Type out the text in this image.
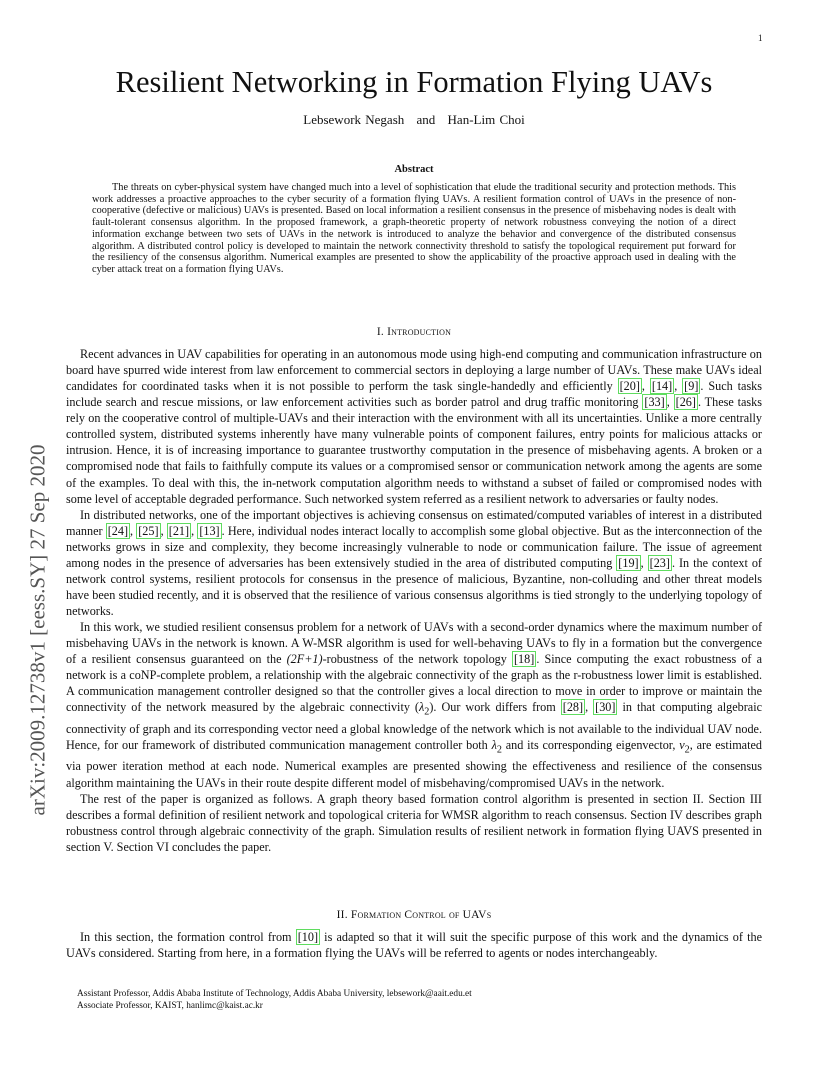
1
arXiv:2009.12738v1 [eess.SY] 27 Sep 2020
Resilient Networking in Formation Flying UAVs
Lebsework Negash and Han-Lim Choi
Abstract

The threats on cyber-physical system have changed much into a level of sophistication that elude the traditional security and protection methods. This work addresses a proactive approaches to the cyber security of a formation flying UAVs. A resilient formation control of UAVs in the presence of non-cooperative (defective or malicious) UAVs is presented. Based on local information a resilient consensus in the presence of misbehaving nodes is dealt with fault-tolerant consensus algorithm. In the proposed framework, a graph-theoretic property of network robustness conveying the notion of a direct information exchange between two sets of UAVs in the network is introduced to analyze the behavior and convergence of the distributed consensus algorithm. A distributed control policy is developed to maintain the network connectivity threshold to satisfy the topological requirement put forward for the resiliency of the consensus algorithm. Numerical examples are presented to show the applicability of the proactive approach used in dealing with the cyber attack treat on a formation flying UAVs.

I. Introduction

Recent advances in UAV capabilities for operating in an autonomous mode using high-end computing and communication infrastructure on board have spurred wide interest from law enforcement to commercial sectors in deploying a large number of UAVs. These make UAVs ideal candidates for coordinated tasks when it is not possible to perform the task single-handedly and efficiently [20] , [14] , [9] . Such tasks include search and rescue missions, or law enforcement activities such as border patrol and drug traffic monitoring [33] , [26] . These tasks rely on the cooperative control of multiple-UAVs and their interaction with the environment with all its uncertainties. Unlike a more centrally controlled system, distributed systems inherently have many vulnerable points of component failures, entry points for malicious attacks or intrusion. Hence, it is of increasing importance to guarantee trustworthy computation in the presence of misbehaving agents. A broken or a compromised node that fails to faithfully compute its values or a compromised sensor or communication network among the agents are some of the examples. To deal with this, the in-network computation algorithm needs to withstand a subset of failed or compromised nodes with some level of acceptable degraded performance. Such networked system referred as a resilient network to adversaries or faulty nodes.

In distributed networks, one of the important objectives is achieving consensus on estimated/computed variables of interest in a distributed manner [24] , [25] , [21] , [13] . Here, individual nodes interact locally to accomplish some global objective. But as the interconnection of the networks grows in size and complexity, they become increasingly vulnerable to node or communication failure. The issue of agreement among nodes in the presence of adversaries has been extensively studied in the area of distributed computing [19] , [23] . In the context of network control systems, resilient protocols for consensus in the presence of malicious, Byzantine, non-colluding and other threat models have been studied recently, and it is observed that the resilience of various consensus algorithms is tied strongly to the underlying topology of networks.

In this work, we studied resilient consensus problem for a network of UAVs with a second-order dynamics where the maximum number of misbehaving UAVs in the network is known. A W-MSR algorithm is used for well-behaving UAVs to fly in a formation but the convergence of a resilient consensus guaranteed on the (2F+1)-robustness of the network topology [18] . Since computing the exact robustness of a network is a coNP-complete problem, a relationship with the algebraic connectivity of the graph as the r-robustness lower limit is established. A communication management controller designed so that the controller gives a local direction to move in order to improve or maintain the connectivity of the network measured by the algebraic connectivity $(\lambda_2)$. Our work differs from [28] , [30] in that computing algebraic connectivity of graph and its corresponding vector need a global knowledge of the network which is not available to the individual UAV node. Hence, for our framework of distributed communication management controller both $\lambda_2$ and its corresponding eigenvector, $v_2$, are estimated via power iteration method at each node. Numerical examples are presented showing the effectiveness and resilience of the consensus algorithm maintaining the UAVs in their route despite different model of misbehaving/compromised UAVs in the network.

The rest of the paper is organized as follows. A graph theory based formation control algorithm is presented in section II. Section III describes a formal definition of resilient network and topological criteria for WMSR algorithm to reach consensus. Section IV describes graph robustness control through algebraic connectivity of the graph. Simulation results of resilient network in formation flying UAVS presented in section V. Section VI concludes the paper.

II. Formation Control of UAVs

In this section, the formation control from [10] is adapted so that it will suit the specific purpose of this work and the dynamics of the UAVs considered. Starting from here, in a formation flying the UAVs will be referred to agents or nodes interchangeably.

Assistant Professor, Addis Ababa Institute of Technology, Addis Ababa University, lebsework@aait.edu.et
Associate Professor, KAIST, hanlimc@kaist.ac.kr
